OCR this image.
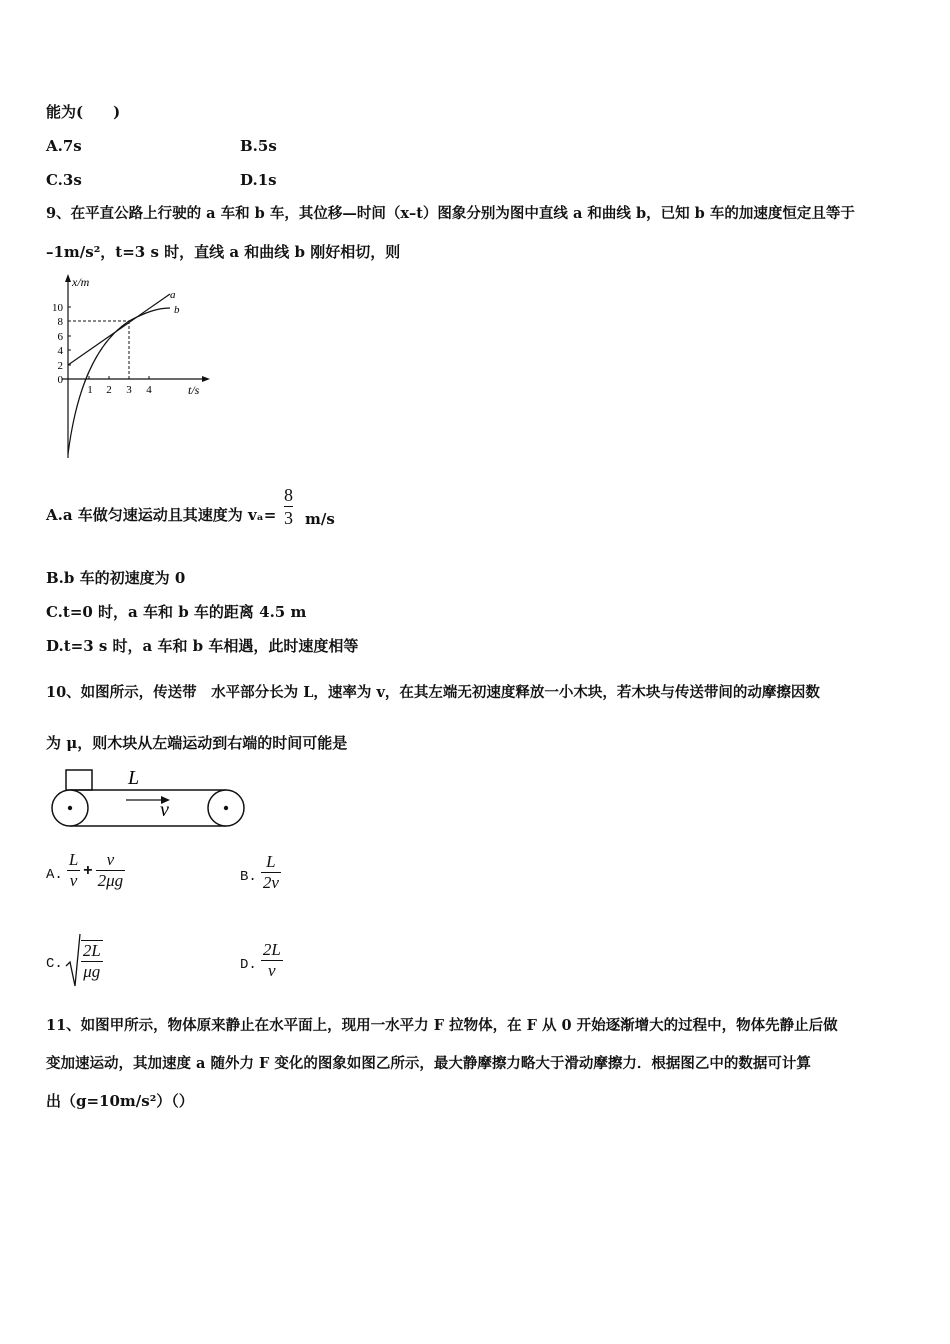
能为(　　)
A.7s	B.5s
C.3s	D.1s
9、在平直公路上行驶的 a 车和 b 车，其位移—时间（x–t）图象分别为图中直线 a 和曲线 b，已知 b 车的加速度恒定且等于
–1m/s²，t=3 s 时，直线 a 和曲线 b 刚好相切，则
x/m
t/s
0
2
4
6
8
10
1 2 3 4
a
b
A.a 车做匀速运动且其速度为 $v_a= \frac{8}{3} m/s$
B.b 车的初速度为 0
C.t=0 时，a 车和 b 车的距离 4.5 m
D.t=3 s 时，a 车和 b 车相遇，此时速度相等
10、如图所示，传送带　水平部分长为 L，速率为 v，在其左端无初速度释放一小木块，若木块与传送带间的动摩擦因数
为 μ，则木块从左端运动到右端的时间可能是
L
v
A. $\frac{L}{v} + \frac{v}{2\mu g}$	B. $\frac{L}{2v}$
C. $\frac{2L}{\mu g}$	D. $\frac{2L}{v}$
11、如图甲所示，物体原来静止在水平面上，现用一水平力 F 拉物体，在 F 从 0 开始逐渐增大的过程中，物体先静止后做
变加速运动，其加速度 a 随外力 F 变化的图象如图乙所示，最大静摩擦力略大于滑动摩擦力．根据图乙中的数据可计算
出（g=10m/s²）（）
